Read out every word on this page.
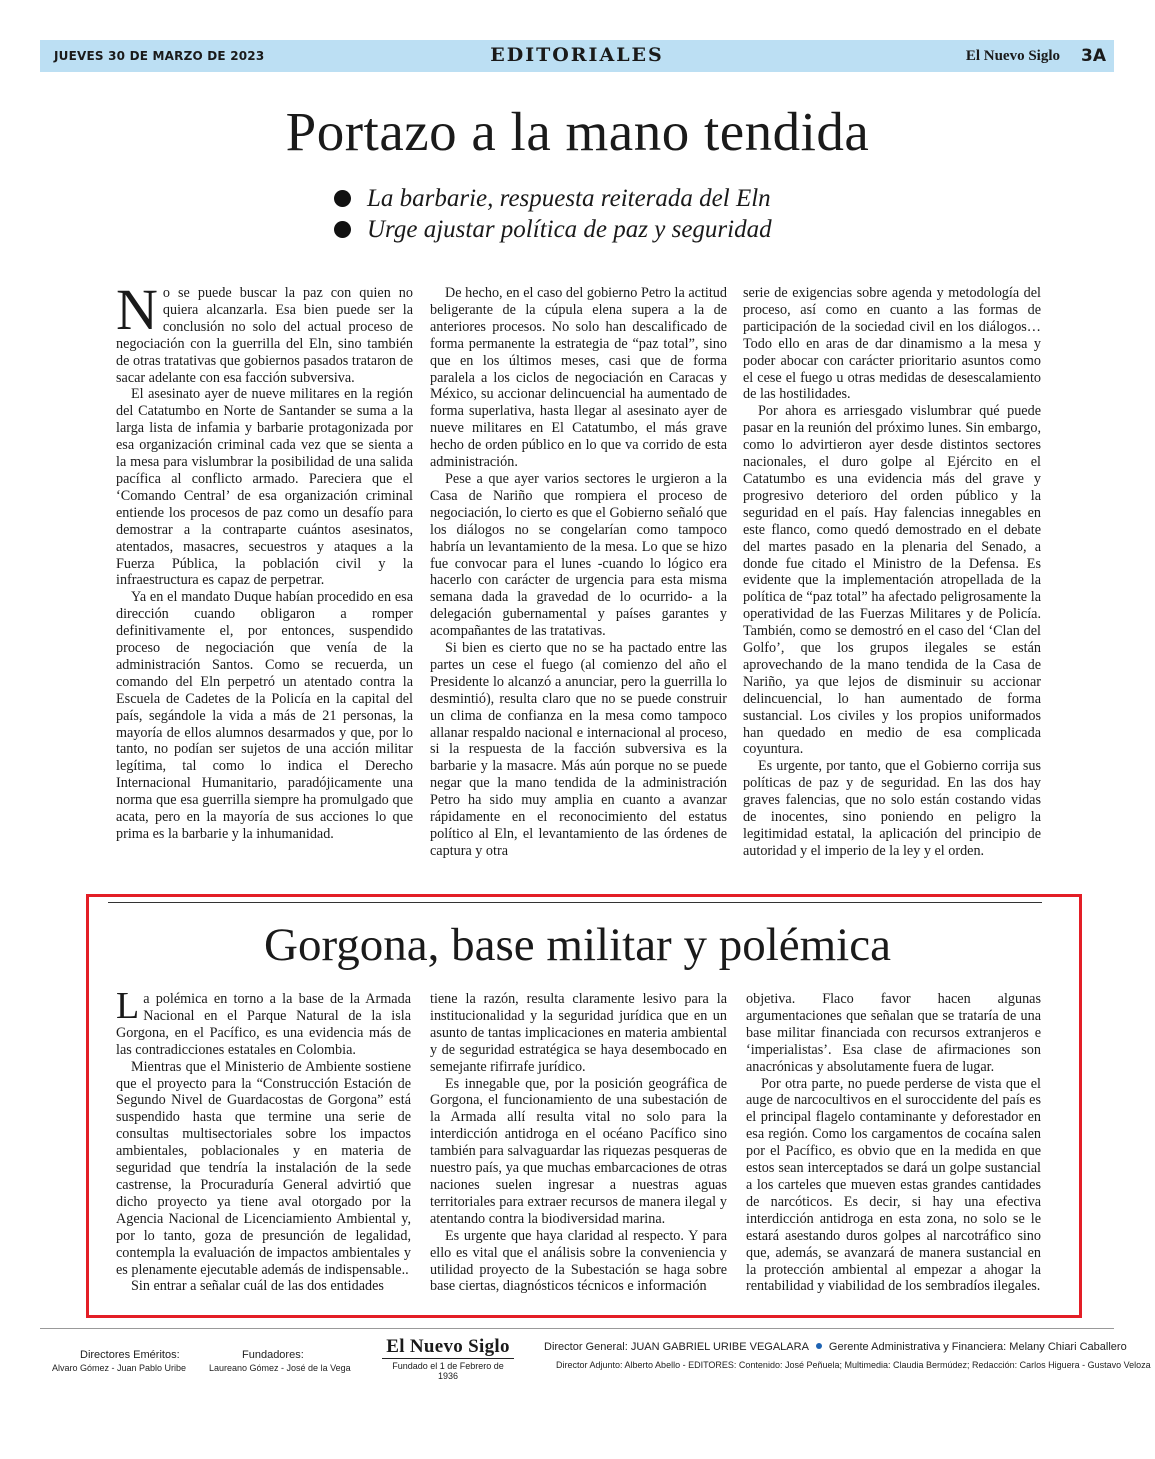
JUEVES 30 DE MARZO DE 2023	EDITORIALES	El Nuevo Siglo 3A
Portazo a la mano tendida
La barbarie, respuesta reiterada del Eln
Urge ajustar política de paz y seguridad

No se puede buscar la paz con quien no quiera alcanzarla. Esa bien puede ser la conclusión no solo del actual proceso de negociación con la guerrilla del Eln, sino también de otras tratativas que gobiernos pasados trataron de sacar adelante con esa facción subversiva.

El asesinato ayer de nueve militares en la región del Catatumbo en Norte de Santander se suma a la larga lista de infamia y barbarie protagonizada por esa organización criminal cada vez que se sienta a la mesa para vislumbrar la posibilidad de una salida pacífica al conflicto armado. Pareciera que el ‘Comando Central’ de esa organización criminal entiende los procesos de paz como un desafío para demostrar a la contraparte cuántos asesinatos, atentados, masacres, secuestros y ataques a la Fuerza Pública, la población civil y la infraestructura es capaz de perpetrar.

Ya en el mandato Duque habían procedido en esa dirección cuando obligaron a romper definitivamente el, por entonces, suspendido proceso de negociación que venía de la administración Santos. Como se recuerda, un comando del Eln perpetró un atentado contra la Escuela de Cadetes de la Policía en la capital del país, segándole la vida a más de 21 personas, la mayoría de ellos alumnos desarmados y que, por lo tanto, no podían ser sujetos de una acción militar legítima, tal como lo indica el Derecho Internacional Humanitario, paradójicamente una norma que esa guerrilla siempre ha promulgado que acata, pero en la mayoría de sus acciones lo que prima es la barbarie y la inhumanidad.

De hecho, en el caso del gobierno Petro la actitud beligerante de la cúpula elena supera a la de anteriores procesos. No solo han descalificado de forma permanente la estrategia de “paz total”, sino que en los últimos meses, casi que de forma paralela a los ciclos de negociación en Caracas y México, su accionar delincuencial ha aumentado de forma superlativa, hasta llegar al asesinato ayer de nueve militares en El Catatumbo, el más grave hecho de orden público en lo que va corrido de esta administración.

Pese a que ayer varios sectores le urgieron a la Casa de Nariño que rompiera el proceso de negociación, lo cierto es que el Gobierno señaló que los diálogos no se congelarían como tampoco habría un levantamiento de la mesa. Lo que se hizo fue convocar para el lunes -cuando lo lógico era hacerlo con carácter de urgencia para esta misma semana dada la gravedad de lo ocurrido- a la delegación gubernamental y países garantes y acompañantes de las tratativas.

Si bien es cierto que no se ha pactado entre las partes un cese el fuego (al comienzo del año el Presidente lo alcanzó a anunciar, pero la guerrilla lo desmintió), resulta claro que no se puede construir un clima de confianza en la mesa como tampoco allanar respaldo nacional e internacional al proceso, si la respuesta de la facción subversiva es la barbarie y la masacre. Más aún porque no se puede negar que la mano tendida de la administración Petro ha sido muy amplia en cuanto a avanzar rápidamente en el reconocimiento del estatus político al Eln, el levantamiento de las órdenes de captura y otra

serie de exigencias sobre agenda y metodología del proceso, así como en cuanto a las formas de participación de la sociedad civil en los diálogos… Todo ello en aras de dar dinamismo a la mesa y poder abocar con carácter prioritario asuntos como el cese el fuego u otras medidas de desescalamiento de las hostilidades.

Por ahora es arriesgado vislumbrar qué puede pasar en la reunión del próximo lunes. Sin embargo, como lo advirtieron ayer desde distintos sectores nacionales, el duro golpe al Ejército en el Catatumbo es una evidencia más del grave y progresivo deterioro del orden público y la seguridad en el país. Hay falencias innegables en este flanco, como quedó demostrado en el debate del martes pasado en la plenaria del Senado, a donde fue citado el Ministro de la Defensa. Es evidente que la implementación atropellada de la política de “paz total” ha afectado peligrosamente la operatividad de las Fuerzas Militares y de Policía. También, como se demostró en el caso del ‘Clan del Golfo’, que los grupos ilegales se están aprovechando de la mano tendida de la Casa de Nariño, ya que lejos de disminuir su accionar delincuencial, lo han aumentado de forma sustancial. Los civiles y los propios uniformados han quedado en medio de esa complicada coyuntura.

Es urgente, por tanto, que el Gobierno corrija sus políticas de paz y de seguridad. En las dos hay graves falencias, que no solo están costando vidas de inocentes, sino poniendo en peligro la legitimidad estatal, la aplicación del principio de autoridad y el imperio de la ley y el orden.

Gorgona, base militar y polémica

La polémica en torno a la base de la Armada Nacional en el Parque Natural de la isla Gorgona, en el Pacífico, es una evidencia más de las contradicciones estatales en Colombia.

Mientras que el Ministerio de Ambiente sostiene que el proyecto para la “Construcción Estación de Segundo Nivel de Guardacostas de Gorgona” está suspendido hasta que termine una serie de consultas multisectoriales sobre los impactos ambientales, poblacionales y en materia de seguridad que tendría la instalación de la sede castrense, la Procuraduría General advirtió que dicho proyecto ya tiene aval otorgado por la Agencia Nacional de Licenciamiento Ambiental y, por lo tanto, goza de presunción de legalidad, contempla la evaluación de impactos ambientales y es plenamente ejecutable además de indispensable..

Sin entrar a señalar cuál de las dos entidades

tiene la razón, resulta claramente lesivo para la institucionalidad y la seguridad jurídica que en un asunto de tantas implicaciones en materia ambiental y de seguridad estratégica se haya desembocado en semejante rifirrafe jurídico.

Es innegable que, por la posición geográfica de Gorgona, el funcionamiento de una subestación de la Armada allí resulta vital no solo para la interdicción antidroga en el océano Pacífico sino también para salvaguardar las riquezas pesqueras de nuestro país, ya que muchas embarcaciones de otras naciones suelen ingresar a nuestras aguas territoriales para extraer recursos de manera ilegal y atentando contra la biodiversidad marina.

Es urgente que haya claridad al respecto. Y para ello es vital que el análisis sobre la conveniencia y utilidad proyecto de la Subestación se haga sobre base ciertas, diagnósticos técnicos e información

objetiva. Flaco favor hacen algunas argumentaciones que señalan que se trataría de una base militar financiada con recursos extranjeros e ‘imperialistas’. Esa clase de afirmaciones son anacrónicas y absolutamente fuera de lugar.

Por otra parte, no puede perderse de vista que el auge de narcocultivos en el suroccidente del país es el principal flagelo contaminante y deforestador en esa región. Como los cargamentos de cocaína salen por el Pacífico, es obvio que en la medida en que estos sean interceptados se dará un golpe sustancial a los carteles que mueven estas grandes cantidades de narcóticos. Es decir, si hay una efectiva interdicción antidroga en esta zona, no solo se le estará asestando duros golpes al narcotráfico sino que, además, se avanzará de manera sustancial en la protección ambiental al empezar a ahogar la rentabilidad y viabilidad de los sembradíos ilegales.

Directores Eméritos:
Alvaro Gómez - Juan Pablo Uribe
Fundadores:
Laureano Gómez - José de la Vega
El Nuevo Siglo
Fundado el 1 de Febrero de 1936
Director General: JUAN GABRIEL URIBE VEGALARA Gerente Administrativa y Financiera: Melany Chiari Caballero
Director Adjunto: Alberto Abello - EDITORES: Contenido: José Peñuela; Multimedia: Claudia Bermúdez; Redacción: Carlos Higuera - Gustavo Veloza
